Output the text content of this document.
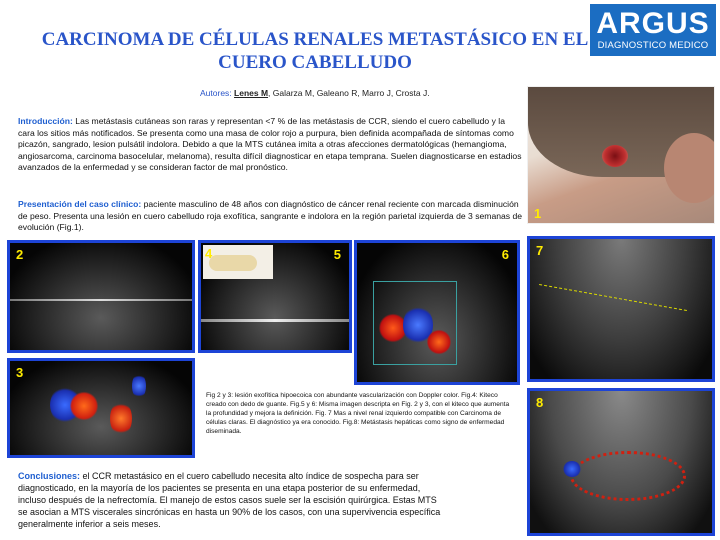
CARCINOMA DE CÉLULAS RENALES METASTÁSICO EN EL CUERO CABELLUDO
ARGUS
DIAGNOSTICO MEDICO
Autores: Lenes M, Galarza M, Galeano R, Marro J, Crosta J.
Introducción: Las metástasis cutáneas son raras y representan <7 % de las metástasis de CCR, siendo el cuero cabelludo y la cara los sitios más notificados. Se presenta como una masa de color rojo a purpura, bien definida acompañada de síntomas como picazón, sangrado, lesion pulsátil indolora. Debido a que la MTS cutánea imita a otras afecciones dermatológicas (hemangioma, angiosarcoma, carcinoma basocelular, melanoma), resulta difícil diagnosticar en etapa temprana. Suelen diagnosticarse en estadios avanzados de la enfermedad y se consideran factor de mal pronóstico.
Presentación del caso clínico: paciente masculino de 48 años con diagnóstico de cáncer renal reciente con marcada disminución de peso. Presenta una lesión en cuero cabelludo roja exofítica, sangrante e indolora en la región parietal izquierda de 3 semanas de evolución (Fig.1).
1
2
3
4	5	6 7
8
Fig 2 y 3: lesión exofítica hipoecoica con abundante vascularización con Doppler color. Fig.4: Kiteco creado con dedo de guante. Fig.5 y 6: Misma imagen descripta en Fig. 2 y 3, con el kiteco que aumenta la profundidad y mejora la definición. Fig. 7 Mas a nivel renal izquierdo compatible con Carcinoma de células claras. El diagnóstico ya era conocido. Fig.8: Metástasis hepáticas como signo de enfermedad diseminada.
Conclusiones: el CCR metastásico en el cuero cabelludo necesita alto índice de sospecha para ser diagnosticado, en la mayoría de los pacientes se presenta en una etapa posterior de su enfermedad, incluso después de la nefrectomía. El manejo de estos casos suele ser la escisión quirúrgica. Estas MTS se asocian a MTS viscerales sincrónicas en hasta un 90% de los casos, con una supervivencia específica generalmente inferior a seis meses.
